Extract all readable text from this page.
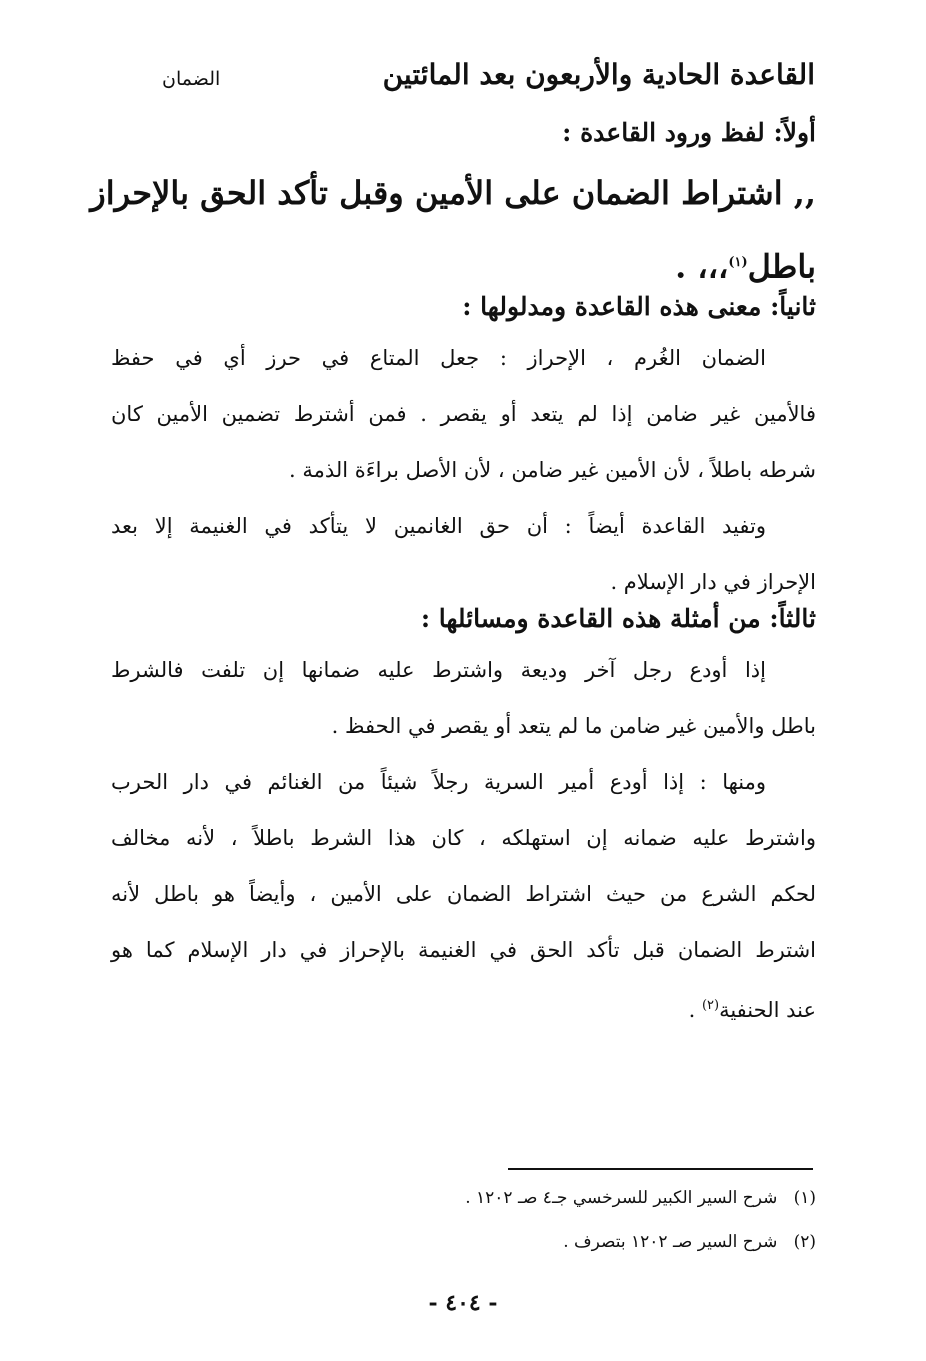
القاعدة الحادية والأربعون بعد المائتين
الضمان
أولاً: لفظ ورود القاعدة :
,, اشتراط الضمان على الأمين وقبل تأكد الحق بالإحراز
باطل$^{(١)}$،،، .
ثانياً: معنى هذه القاعدة ومدلولها :
الضمان الغُرم ، الإحراز : جعل المتاع في حرز أي في حفظ
فالأمين غير ضامن إذا لم يتعد أو يقصر . فمن أشترط تضمين الأمين كان
شرطه باطلاً ، لأن الأمين غير ضامن ، لأن الأصل براءَة الذمة .
وتفيد القاعدة أيضاً : أن حق الغانمين لا يتأكد في الغنيمة إلا بعد
الإحراز في دار الإسلام .
ثالثاً: من أمثلة هذه القاعدة ومسائلها :
إذا أودع رجل آخر وديعة واشترط عليه ضمانها إن تلفت فالشرط
باطل والأمين غير ضامن ما لم يتعد أو يقصر في الحفظ .
ومنها : إذا أودع أمير السرية رجلاً شيئاً من الغنائم في دار الحرب
واشترط عليه ضمانه إن استهلكه ، كان هذا الشرط باطلاً ، لأنه مخالف
لحكم الشرع من حيث اشتراط الضمان على الأمين ، وأيضاً هو باطل لأنه
اشترط الضمان قبل تأكد الحق في الغنيمة بالإحراز في دار الإسلام كما هو
عند الحنفية$^{(٢)}$ .
(١)   شرح السير الكبير للسرخسي جـ٤ صـ ١٢٠٢ .
(٢)   شرح السير صـ ١٢٠٢ بتصرف .
- ٤٠٤ -
